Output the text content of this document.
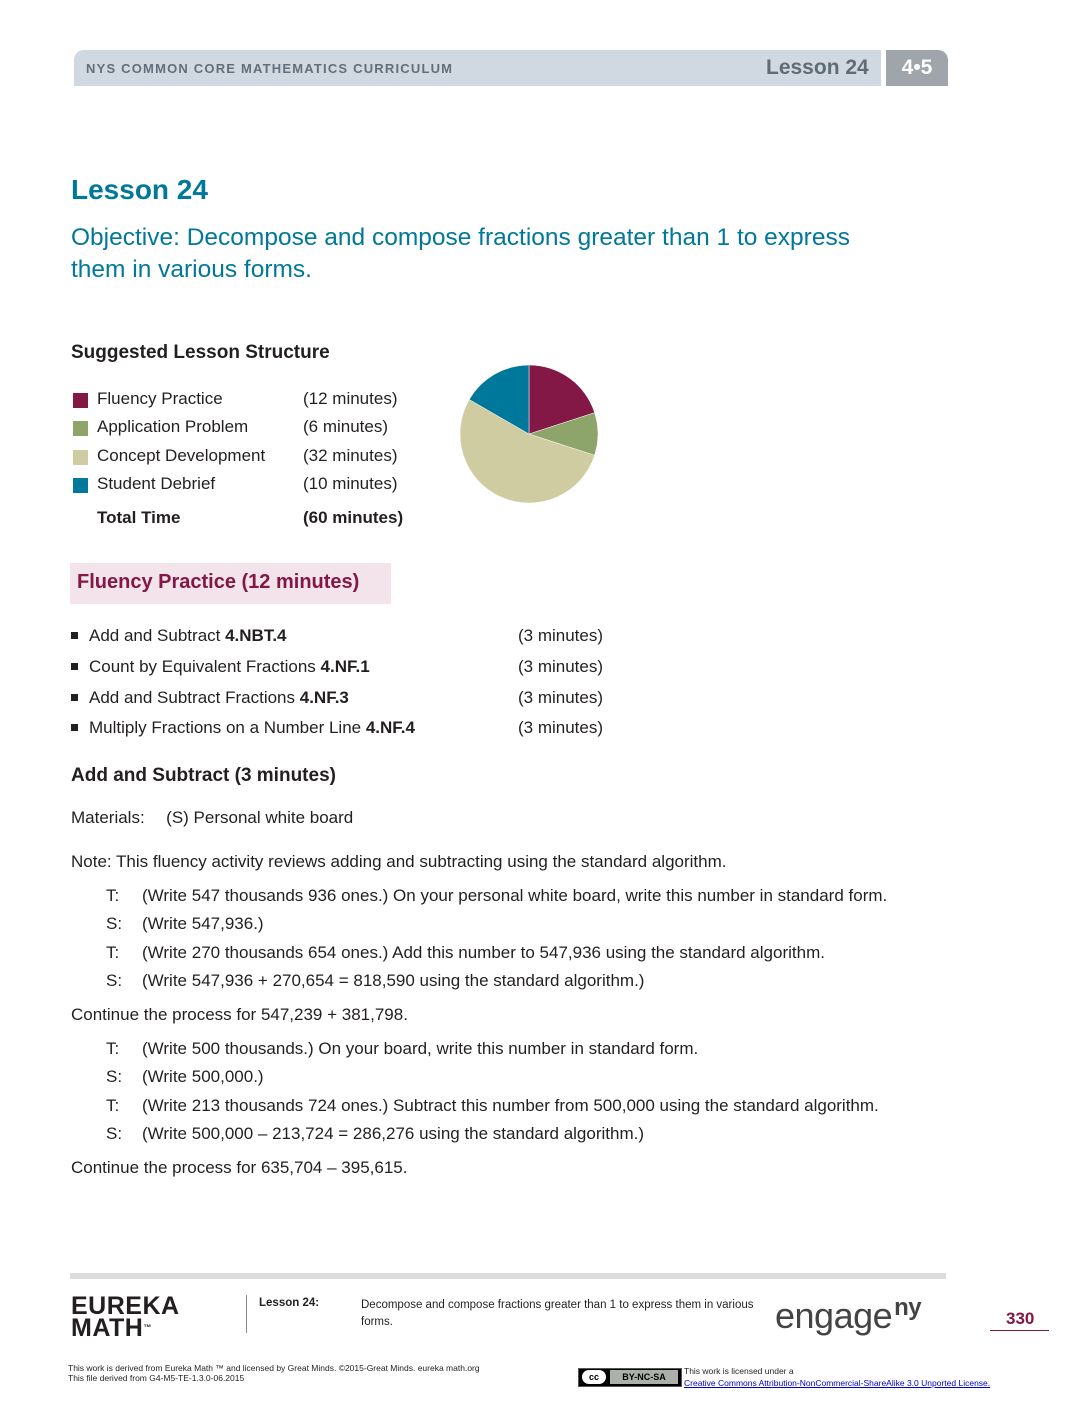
NYS COMMON CORE MATHEMATICS CURRICULUM	Lesson 24	4•5
Lesson 24
Objective: Decompose and compose fractions greater than 1 to express
them in various forms.
Suggested Lesson Structure
Fluency Practice	(12 minutes)
Application Problem	(6 minutes)
Concept Development (32 minutes)
Student Debrief	(10 minutes)
Total Time	(60 minutes)
Fluency Practice (12 minutes)
Add and Subtract 4.NBT.4	(3 minutes)
Count by Equivalent Fractions 4.NF.1	(3 minutes)
Add and Subtract Fractions 4.NF.3	(3 minutes)
Multiply Fractions on a Number Line 4.NF.4	(3 minutes)
Add and Subtract (3 minutes)
Materials: (S) Personal white board
Note: This fluency activity reviews adding and subtracting using the standard algorithm.
T: (Write 547 thousands 936 ones.) On your personal white board, write this number in standard form.
S: (Write 547,936.)
T: (Write 270 thousands 654 ones.) Add this number to 547,936 using the standard algorithm.
S: (Write 547,936 + 270,654 = 818,590 using the standard algorithm.)
Continue the process for 547,239 + 381,798.
T: (Write 500 thousands.) On your board, write this number in standard form.
S: (Write 500,000.)
T: (Write 213 thousands 724 ones.) Subtract this number from 500,000 using the standard algorithm.
S: (Write 500,000 – 213,724 = 286,276 using the standard algorithm.)
Continue the process for 635,704 – 395,615.
EUREKA
MATH™
Lesson 24:	Decompose and compose fractions greater than 1 to express them in various forms.	engage$^{ny}$	330
This work is derived from Eureka Math ™ and licensed by Great Minds. ©2015-Great Minds. eureka math.org
This file derived from G4-M5-TE-1.3.0-06.2015	cc	BY-NC-SA
This work is licensed under a
Creative Commons Attribution-NonCommercial-ShareAlike 3.0 Unported License.
